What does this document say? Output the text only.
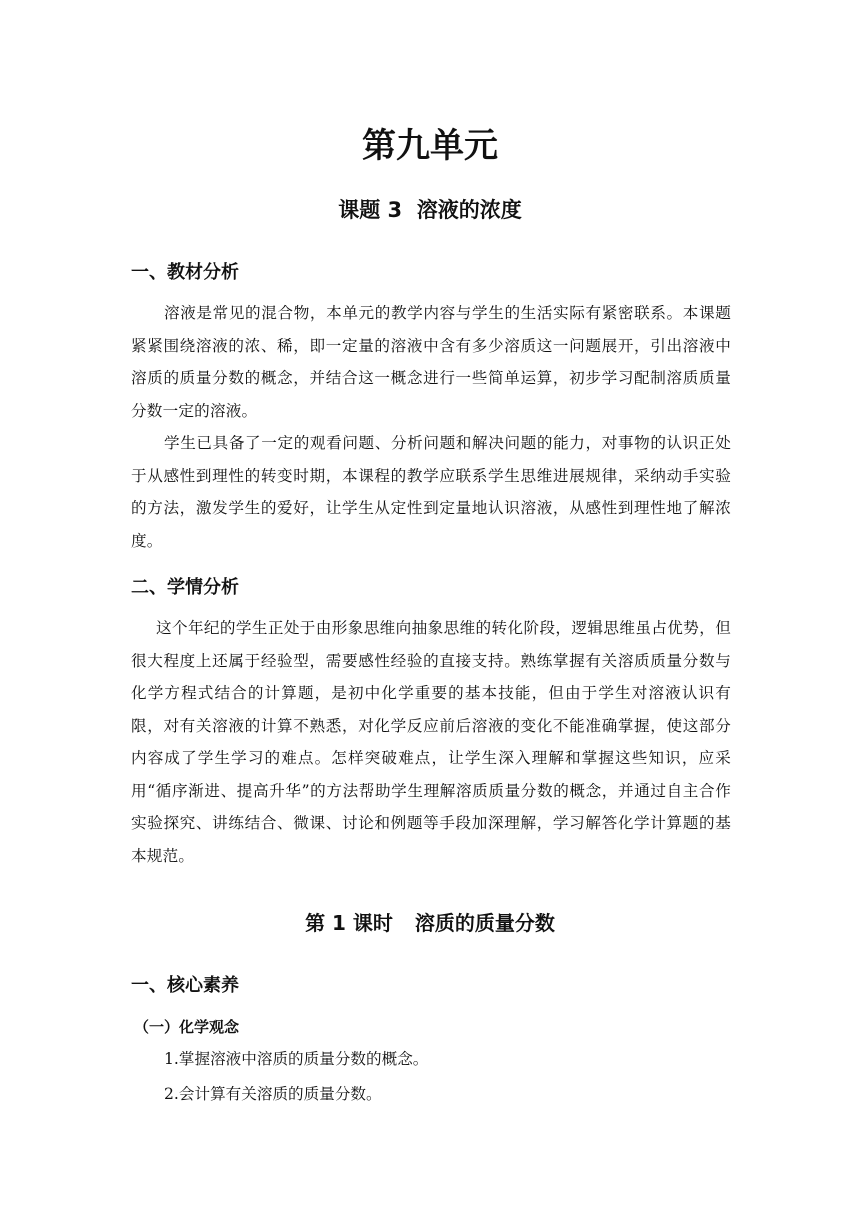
第九单元
课题 3  溶液的浓度
一、教材分析
溶液是常见的混合物，本单元的教学内容与学生的生活实际有紧密联系。本课题紧紧围绕溶液的浓、稀，即一定量的溶液中含有多少溶质这一问题展开，引出溶液中溶质的质量分数的概念，并结合这一概念进行一些简单运算，初步学习配制溶质质量分数一定的溶液。
学生已具备了一定的观看问题、分析问题和解决问题的能力，对事物的认识正处于从感性到理性的转变时期，本课程的教学应联系学生思维进展规律，采纳动手实验的方法，激发学生的爱好，让学生从定性到定量地认识溶液，从感性到理性地了解浓度。
二、学情分析
这个年纪的学生正处于由形象思维向抽象思维的转化阶段，逻辑思维虽占优势，但很大程度上还属于经验型，需要感性经验的直接支持。熟练掌握有关溶质质量分数与化学方程式结合的计算题，是初中化学重要的基本技能，但由于学生对溶液认识有限，对有关溶液的计算不熟悉，对化学反应前后溶液的变化不能准确掌握，使这部分内容成了学生学习的难点。怎样突破难点，让学生深入理解和掌握这些知识，应采用“循序渐进、提高升华”的方法帮助学生理解溶质质量分数的概念，并通过自主合作实验探究、讲练结合、微课、讨论和例题等手段加深理解，学习解答化学计算题的基本规范。
第 1 课时 溶质的质量分数
一、核心素养
（一）化学观念
1.掌握溶液中溶质的质量分数的概念。
2.会计算有关溶质的质量分数。
